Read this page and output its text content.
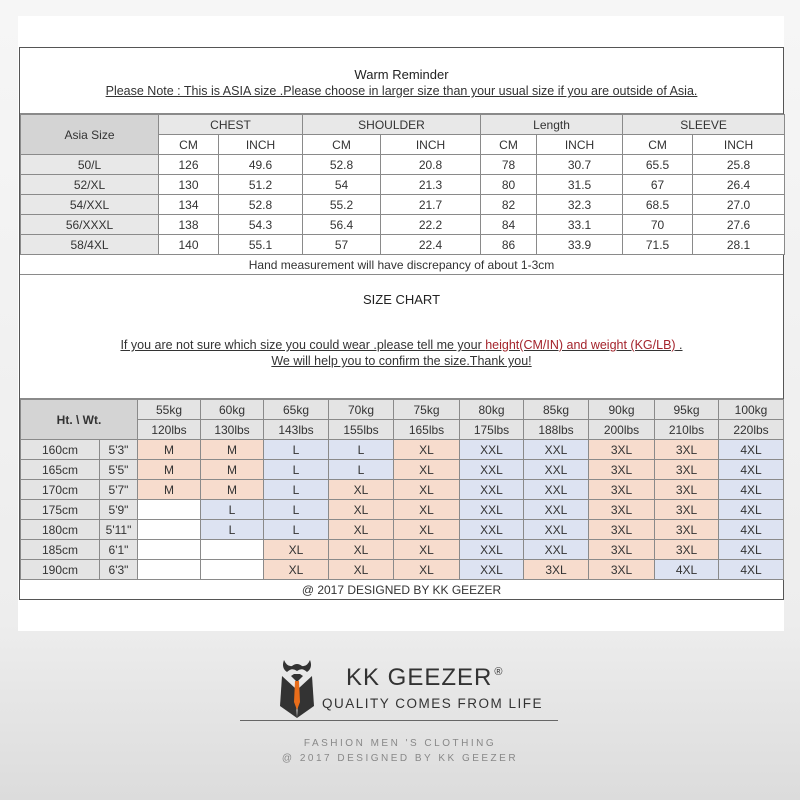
Warm Reminder
Please Note : This is ASIA size .Please choose in larger size than your usual size if you are outside of Asia.
Asia Size	CHEST		SHOULDER		Length		SLEEVE	
	CM	INCH	CM	INCH	CM	INCH	CM	INCH
50/L	126	49.6	52.8	20.8	78	30.7	65.5	25.8
52/XL	130	51.2	54	21.3	80	31.5	67	26.4
54/XXL	134	52.8	55.2	21.7	82	32.3	68.5	27.0
56/XXXL	138	54.3	56.4	22.2	84	33.1	70	27.6
58/4XL	140	55.1	57	22.4	86	33.9	71.5	28.1
Hand measurement will have discrepancy of about 1-3cm
SIZE CHART
If you are not sure which size you could wear .please tell me your height(CM/IN) and weight (KG/LB) .
We will help you to confirm the size.Thank you!
Ht. \ Wt.		55kg	60kg	65kg	70kg	75kg	80kg	85kg	90kg	95kg	100kg
		120lbs	130lbs	143lbs	155lbs	165lbs	175lbs	188lbs	200lbs	210lbs	220lbs
160cm	5'3"	M	M	L	L	XL	XXL	XXL	3XL	3XL	4XL
165cm	5'5"	M	M	L	L	XL	XXL	XXL	3XL	3XL	4XL
170cm	5'7"	M	M	L	XL	XL	XXL	XXL	3XL	3XL	4XL
175cm	5'9"		L	L	XL	XL	XXL	XXL	3XL	3XL	4XL
180cm	5'11"		L	L	XL	XL	XXL	XXL	3XL	3XL	4XL
185cm	6'1"			XL	XL	XL	XXL	XXL	3XL	3XL	4XL
190cm	6'3"			XL	XL	XL	XXL	3XL	3XL	4XL	4XL
@ 2017 DESIGNED BY KK GEEZER
KK GEEZER ®
QUALITY COMES FROM LIFE
FASHION MEN 'S CLOTHING
@ 2017 DESIGNED BY KK GEEZER
